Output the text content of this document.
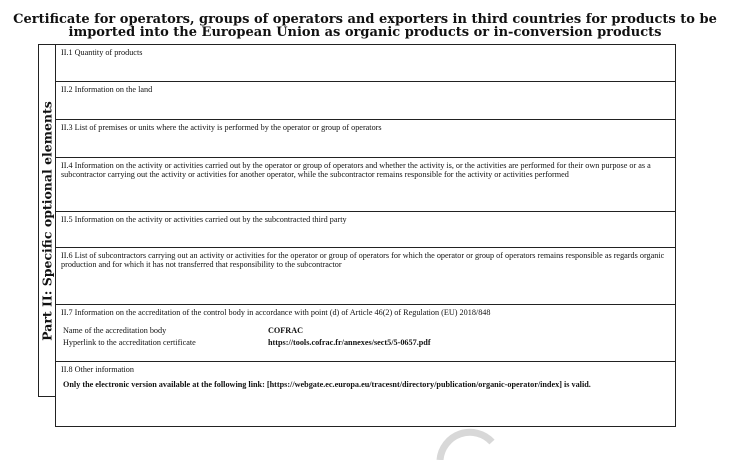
Certificate for operators, groups of operators and exporters in third countries for products to be
imported into the European Union as organic products or in-conversion products
Part II: Specific optional elements
II.1 Quantity of products
II.2 Information on the land
II.3 List of premises or units where the activity is performed by the operator or group of operators
II.4 Information on the activity or activities carried out by the operator or group of operators and whether the activity is, or the activities are performed for their own purpose or as a subcontractor carrying out the activity or activities for another operator, while the subcontractor remains responsible for the activity or activities performed
II.5 Information on the activity or activities carried out by the subcontracted third party
II.6 List of subcontractors carrying out an activity or activities for the operator or group of operators for which the operator or group of operators remains responsible as regards organic production and for which it has not transferred that responsibility to the subcontractor
II.7 Information on the accreditation of the control body in accordance with point (d) of Article 46(2) of Regulation (EU) 2018/848
Name of the accreditation body	COFRAC
Hyperlink to the accreditation certificate	https://tools.cofrac.fr/annexes/sect5/5-0657.pdf
II.8 Other information
Only the electronic version available at the following link: [https://webgate.ec.europa.eu/tracesnt/directory/publication/organic-operator/index] is valid.
